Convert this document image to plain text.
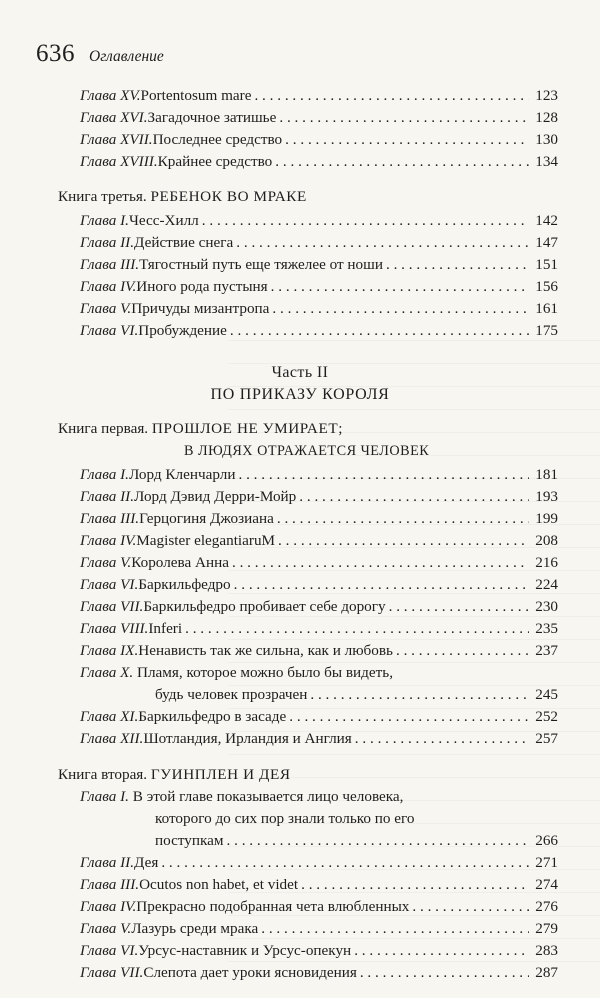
636 Оглавление
Глава XV. Portentosum mare . . .	123
Глава XVI. Загадочное затишье . . .	128
Глава XVII. Последнее средство . . .	130
Глава XVIII. Крайнее средство . . .	134
Книга третья. РЕБЕНОК ВО МРАКЕ
Глава I. Чесс-Хилл . . .	142
Глава II. Действие снега . . .	147
Глава III. Тягостный путь еще тяжелее от ноши . . .	151
Глава IV. Иного рода пустыня . . .	156
Глава V. Причуды мизантропа . . .	161
Глава VI. Пробуждение . . .	175
Часть II
ПО ПРИКАЗУ КОРОЛЯ
Книга первая. ПРОШЛОЕ НЕ УМИРАЕТ;
В ЛЮДЯХ ОТРАЖАЕТСЯ ЧЕЛОВЕК
Глава I. Лорд Кленчарли . . .	181
Глава II. Лорд Дэвид Дерри-Мойр . . .	193
Глава III. Герцогиня Джозиана . . .	199
Глава IV. Magister elegantiaruM . . .	208
Глава V. Королева Анна . . .	216
Глава VI. Баркильфедро . . .	224
Глава VII. Баркильфедро пробивает себе дорогу . . .	230
Глава VIII. Inferi . . .	235
Глава IX. Ненависть так же сильна, как и любовь . . .	237
Глава X. Пламя, которое можно было бы видеть,
будь человек прозрачен . . .	245
Глава XI. Баркильфедро в засаде . . .	252
Глава XII. Шотландия, Ирландия и Англия . . .	257
Книга вторая. ГУИНПЛЕН И ДЕЯ
Глава I. В этой главе показывается лицо человека,
которого до сих пор знали только по его
поступкам . . .	266
Глава II. Дея . . .	271
Глава III. Ocutos non habet, et videt . . .	274
Глава IV. Прекрасно подобранная чета влюбленных . . .	276
Глава V. Лазурь среди мрака . . .	279
Глава VI. Урсус-наставник и Урсус-опекун . . .	283
Глава VII. Слепота дает уроки ясновидения . . .	287
